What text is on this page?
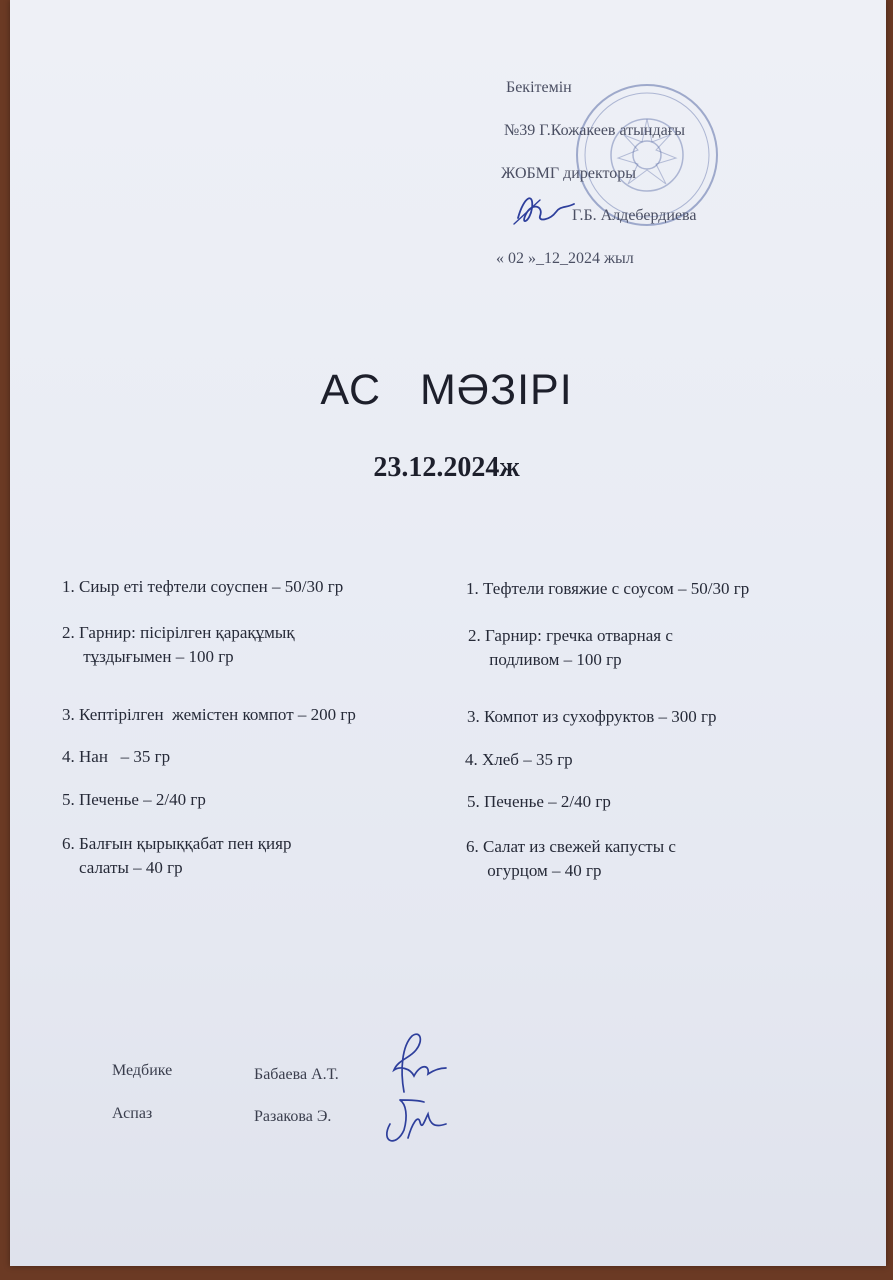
Бекітемін
№39 Г.Кожакеев атындағы
ЖОБМГ директоры
Г.Б. Алдебердиева
« 02 »_12_2024 жыл
АС   МӘЗІРІ
23.12.2024ж
1. Сиыр еті тефтели соуспен – 50/30 гр
2. Гарнир: пісірілген қарақұмық
тұздығымен – 100 гр
3. Кептірілген  жемістен компот – 200 гр
4. Нан   – 35 гр
5. Печенье – 2/40 гр
6. Балғын қырыққабат пен қияр
салаты – 40 гр
1. Тефтели говяжие с соусом – 50/30 гр
2. Гарнир: гречка отварная с
подливом – 100 гр
3. Компот из сухофруктов – 300 гр
4. Хлеб – 35 гр
5. Печенье – 2/40 гр
6. Салат из свежей капусты с
огурцом – 40 гр
Медбике	Бабаева А.Т.
Аспаз	Разакова Э.
